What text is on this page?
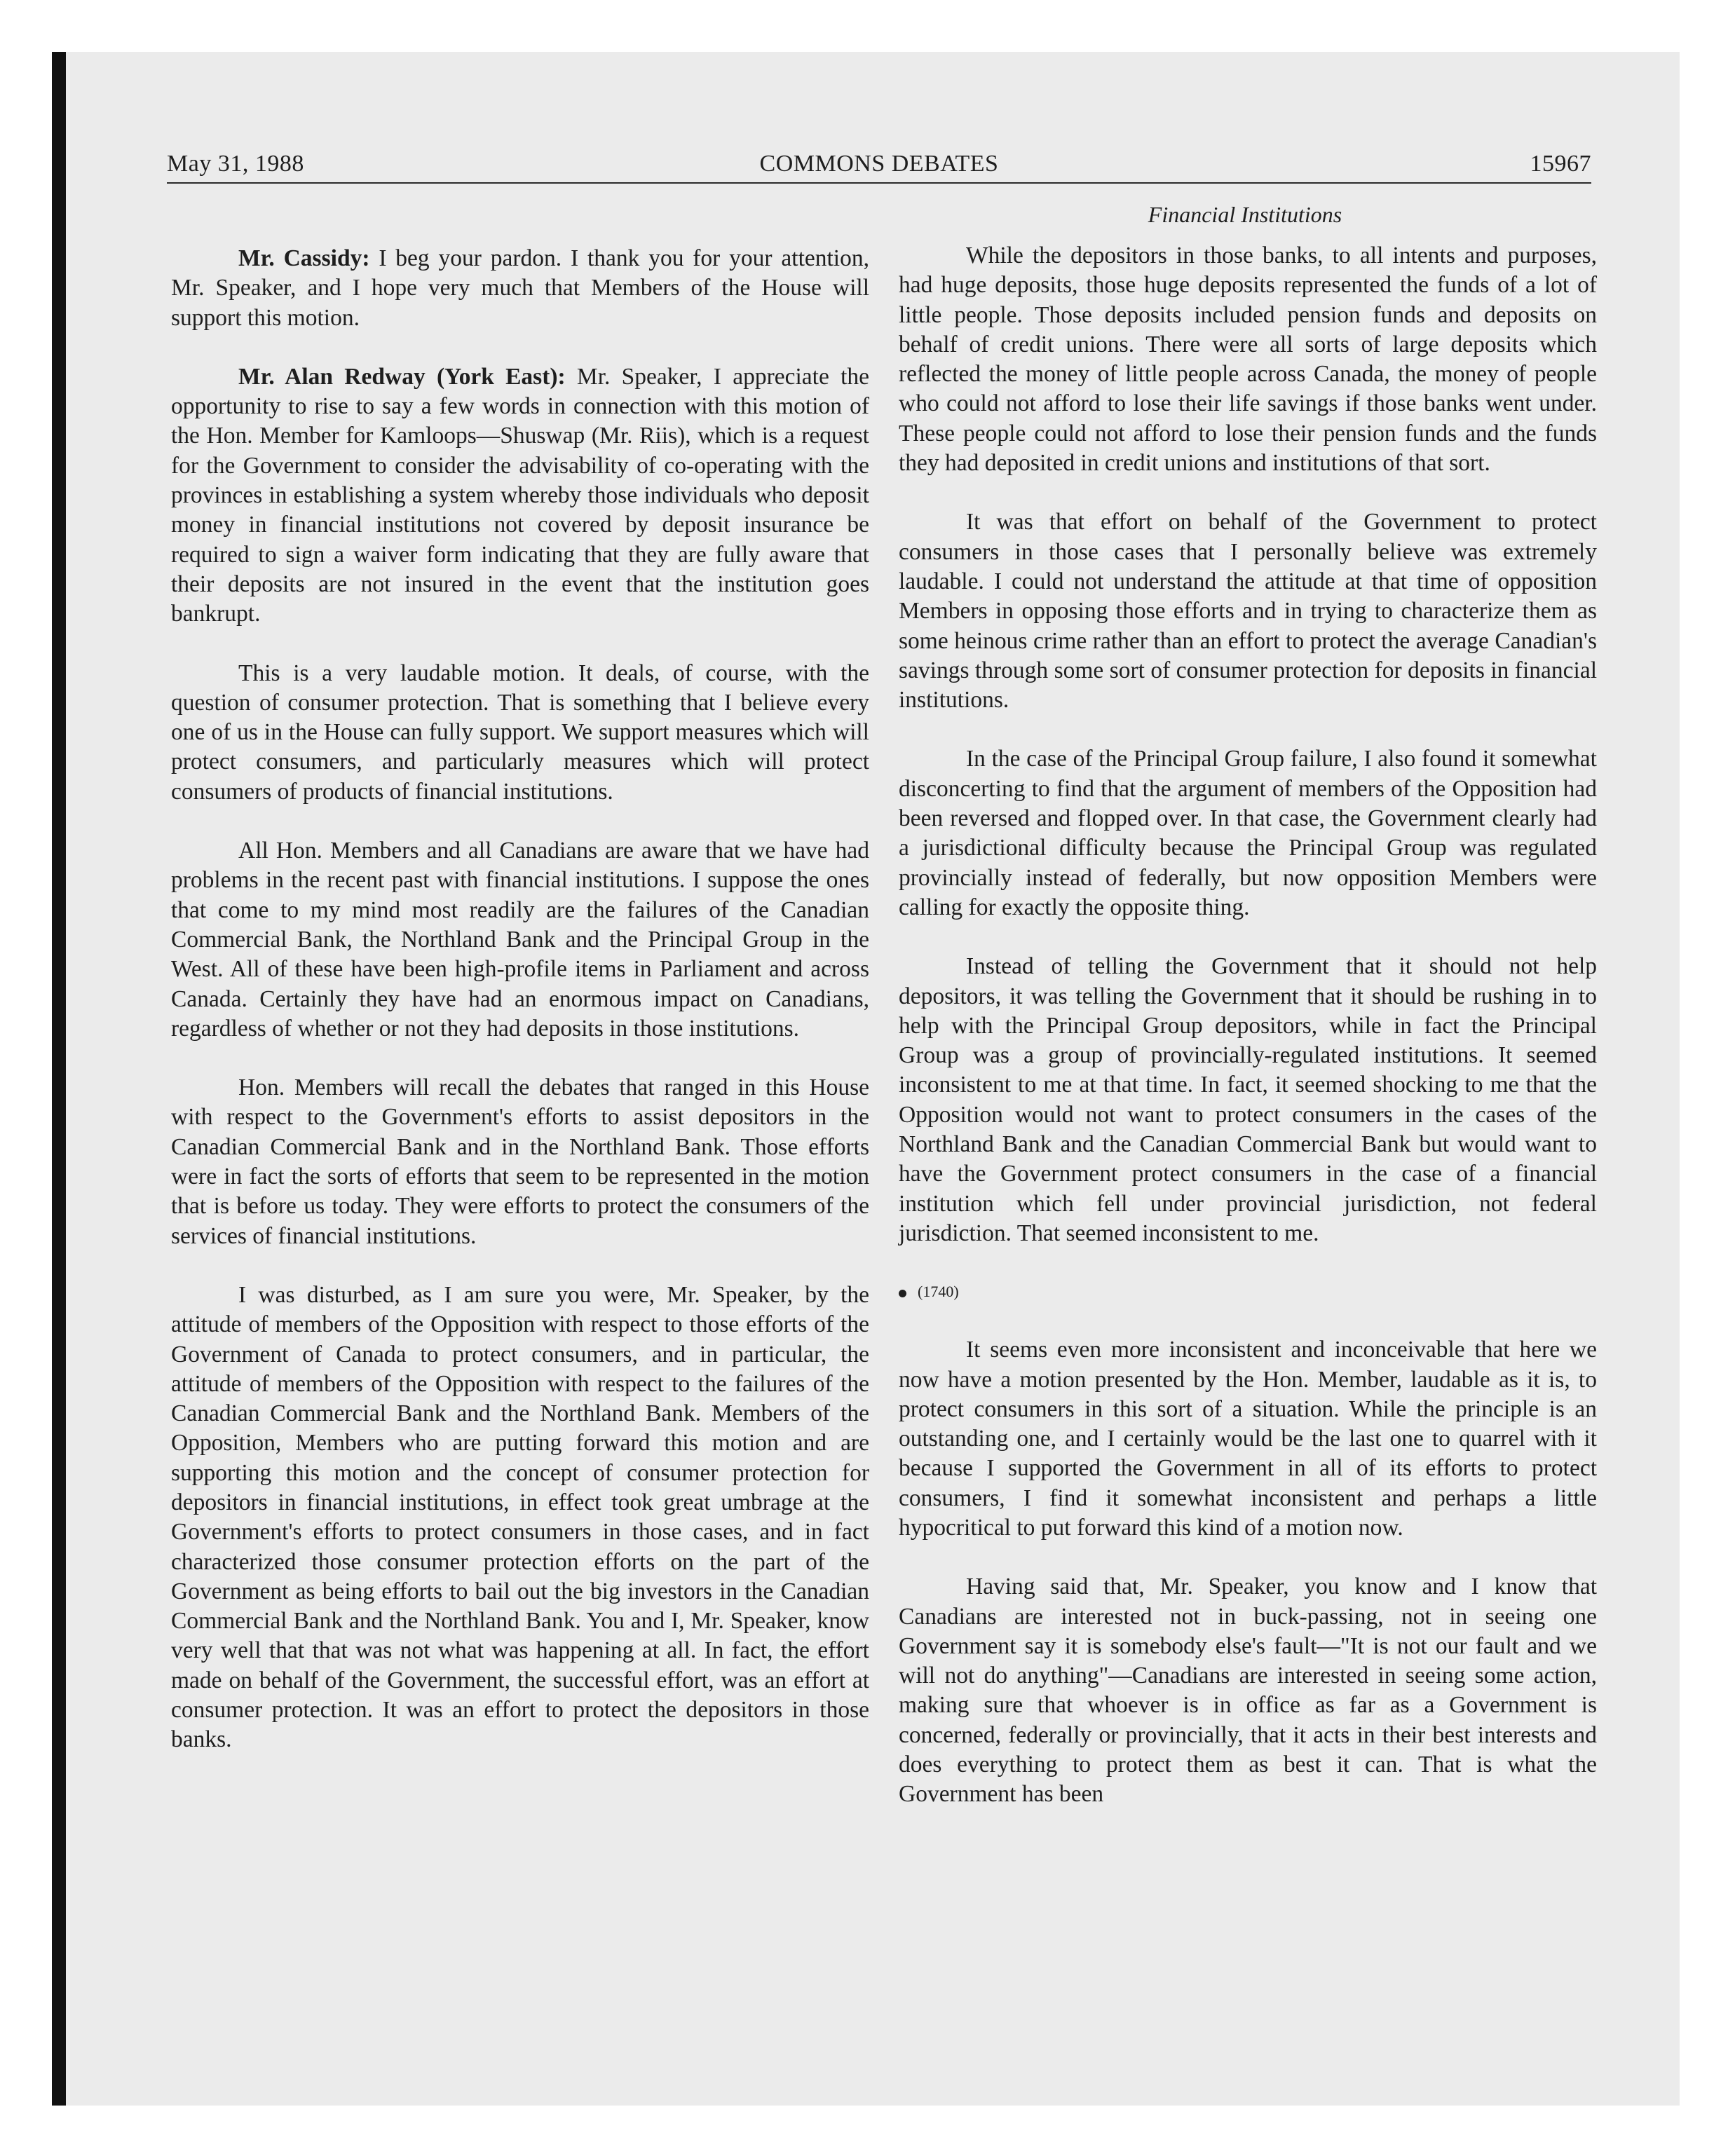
May 31, 1988	COMMONS DEBATES	15967
Financial Institutions

Mr. Cassidy: I beg your pardon. I thank you for your attention, Mr. Speaker, and I hope very much that Members of the House will support this motion.

Mr. Alan Redway (York East): Mr. Speaker, I appreciate the opportunity to rise to say a few words in connection with this motion of the Hon. Member for Kamloops—Shuswap (Mr. Riis), which is a request for the Government to consider the advisability of co-operating with the provinces in establishing a system whereby those individuals who deposit money in financial institutions not covered by deposit insurance be required to sign a waiver form indicating that they are fully aware that their deposits are not insured in the event that the institution goes bankrupt.

This is a very laudable motion. It deals, of course, with the question of consumer protection. That is something that I believe every one of us in the House can fully support. We support measures which will protect consumers, and particularly measures which will protect consumers of products of financial institutions.

All Hon. Members and all Canadians are aware that we have had problems in the recent past with financial institutions. I suppose the ones that come to my mind most readily are the failures of the Canadian Commercial Bank, the Northland Bank and the Principal Group in the West. All of these have been high-profile items in Parliament and across Canada. Certainly they have had an enormous impact on Canadians, regardless of whether or not they had deposits in those institutions.

Hon. Members will recall the debates that ranged in this House with respect to the Government's efforts to assist depositors in the Canadian Commercial Bank and in the Northland Bank. Those efforts were in fact the sorts of efforts that seem to be represented in the motion that is before us today. They were efforts to protect the consumers of the services of financial institutions.

I was disturbed, as I am sure you were, Mr. Speaker, by the attitude of members of the Opposition with respect to those efforts of the Government of Canada to protect consumers, and in particular, the attitude of members of the Opposition with respect to the failures of the Canadian Commercial Bank and the Northland Bank. Members of the Opposition, Members who are putting forward this motion and are supporting this motion and the concept of consumer protection for depositors in financial institutions, in effect took great umbrage at the Government's efforts to protect consumers in those cases, and in fact characterized those consumer protection efforts on the part of the Government as being efforts to bail out the big investors in the Canadian Commercial Bank and the Northland Bank. You and I, Mr. Speaker, know very well that that was not what was happening at all. In fact, the effort made on behalf of the Government, the successful effort, was an effort at consumer protection. It was an effort to protect the depositors in those banks.

While the depositors in those banks, to all intents and purposes, had huge deposits, those huge deposits represented the funds of a lot of little people. Those deposits included pension funds and deposits on behalf of credit unions. There were all sorts of large deposits which reflected the money of little people across Canada, the money of people who could not afford to lose their life savings if those banks went under. These people could not afford to lose their pension funds and the funds they had deposited in credit unions and institutions of that sort.

It was that effort on behalf of the Government to protect consumers in those cases that I personally believe was extremely laudable. I could not understand the attitude at that time of opposition Members in opposing those efforts and in trying to characterize them as some heinous crime rather than an effort to protect the average Canadian's savings through some sort of consumer protection for deposits in financial institutions.

In the case of the Principal Group failure, I also found it somewhat disconcerting to find that the argument of members of the Opposition had been reversed and flopped over. In that case, the Government clearly had a jurisdictional difficulty because the Principal Group was regulated provincially instead of federally, but now opposition Members were calling for exactly the opposite thing.

Instead of telling the Government that it should not help depositors, it was telling the Government that it should be rushing in to help with the Principal Group depositors, while in fact the Principal Group was a group of provincially-regulated institutions. It seemed inconsistent to me at that time. In fact, it seemed shocking to me that the Opposition would not want to protect consumers in the cases of the Northland Bank and the Canadian Commercial Bank but would want to have the Government protect consumers in the case of a financial institution which fell under provincial jurisdiction, not federal jurisdiction. That seemed inconsistent to me.

(1740)

It seems even more inconsistent and inconceivable that here we now have a motion presented by the Hon. Member, laudable as it is, to protect consumers in this sort of a situation. While the principle is an outstanding one, and I certainly would be the last one to quarrel with it because I supported the Government in all of its efforts to protect consumers, I find it somewhat inconsistent and perhaps a little hypocritical to put forward this kind of a motion now.

Having said that, Mr. Speaker, you know and I know that Canadians are interested not in buck-passing, not in seeing one Government say it is somebody else's fault—"It is not our fault and we will not do anything"—Canadians are interested in seeing some action, making sure that whoever is in office as far as a Government is concerned, federally or provincially, that it acts in their best interests and does everything to protect them as best it can. That is what the Government has been
